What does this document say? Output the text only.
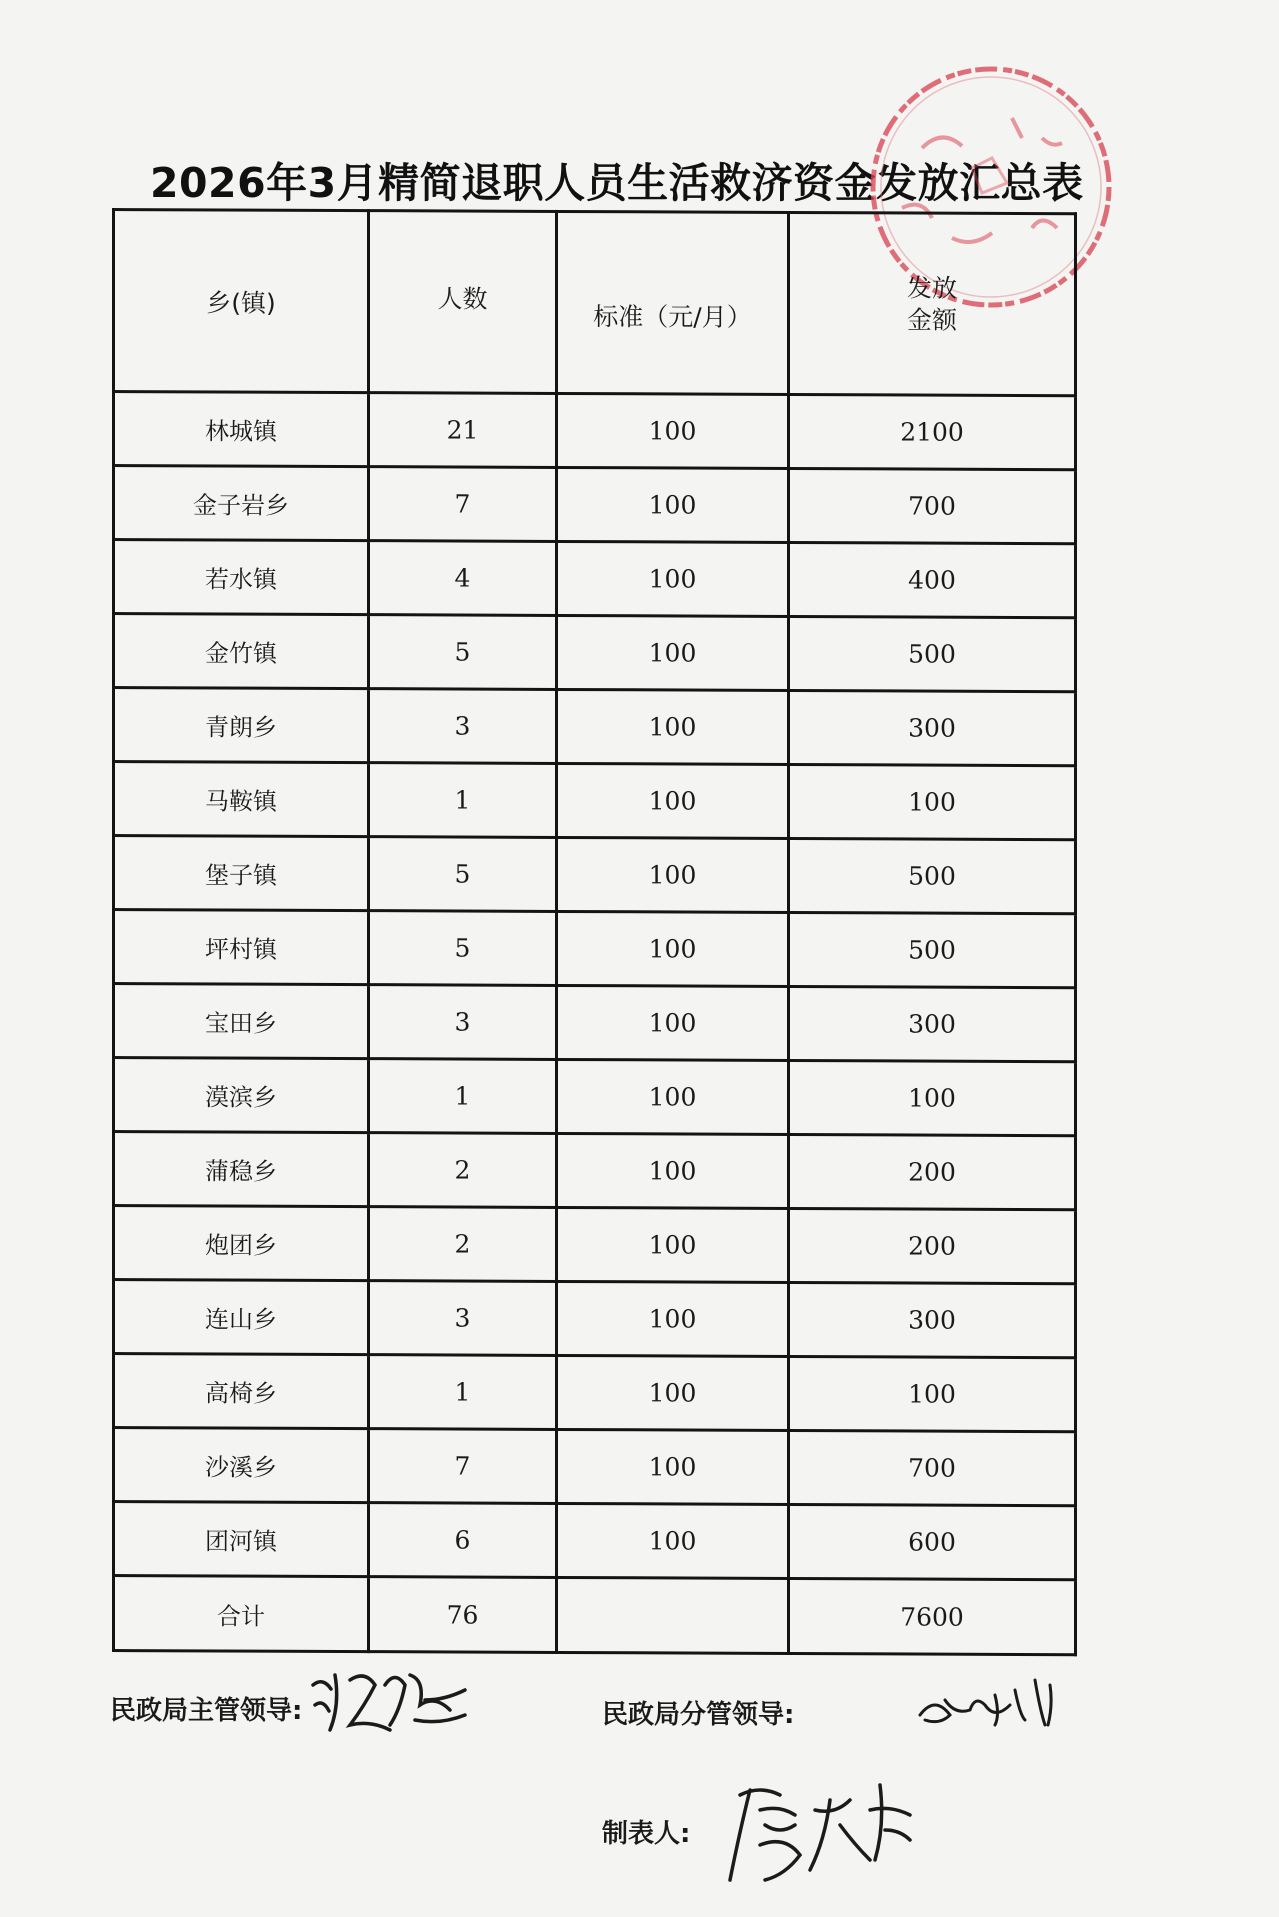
2026年3月精简退职人员生活救济资金发放汇总表
乡(镇)	人数	标准（元/月）	发放
金额
林城镇	21	100	2100
金子岩乡	7	100	700
若水镇	4	100	400
金竹镇	5	100	500
青朗乡	3	100	300
马鞍镇	1	100	100
堡子镇	5	100	500
坪村镇	5	100	500
宝田乡	3	100	300
漠滨乡	1	100	100
蒲稳乡	2	100	200
炮团乡	2	100	200
连山乡	3	100	300
高椅乡	1	100	100
沙溪乡	7	100	700
团河镇	6	100	600
合计	76		7600
民政局主管领导:	民政局分管领导:
制表人:
